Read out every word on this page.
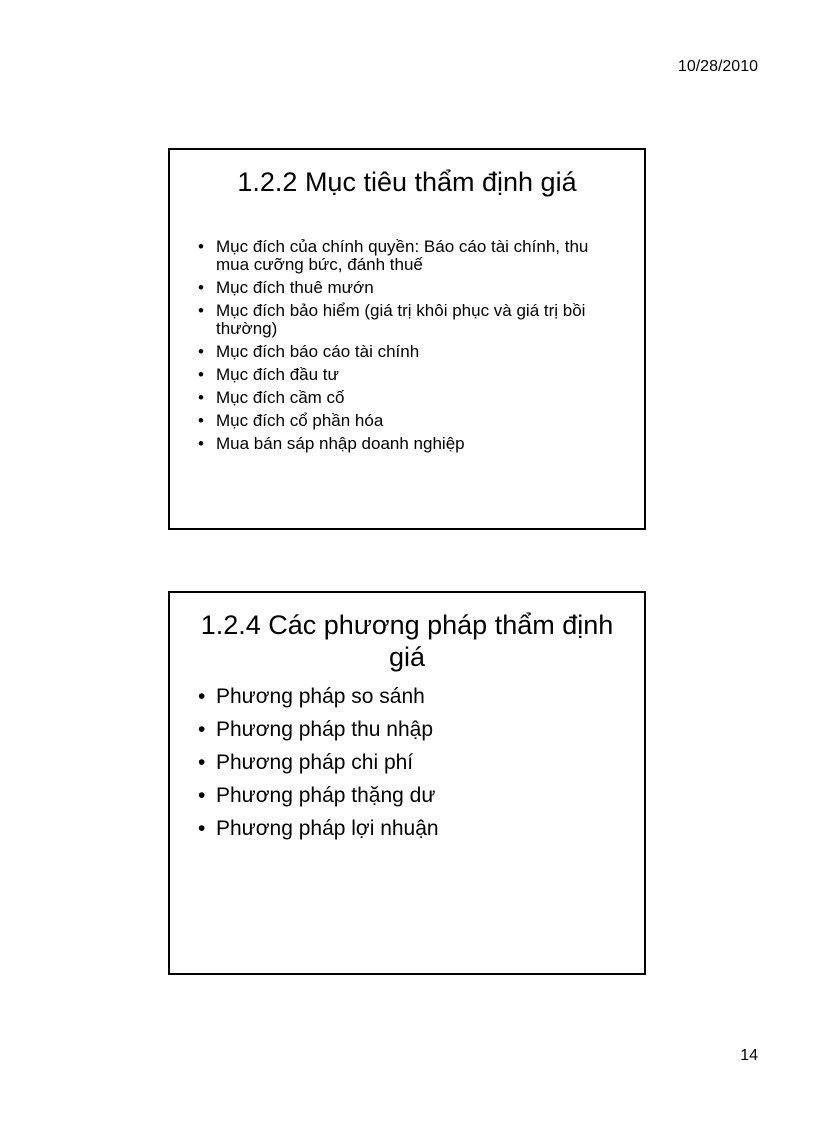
10/28/2010
1.2.2 Mục tiêu thẩm định giá
• Mục đích của chính quyền: Báo cáo tài chính, thu mua cưỡng bức, đánh thuế
• Mục đích thuê mướn
• Mục đích bảo hiểm (giá trị khôi phục và giá trị bồi thường)
• Mục đích báo cáo tài chính
• Mục đích đầu tư
• Mục đích cầm cố
• Mục đích cổ phần hóa
• Mua bán sáp nhập doanh nghiệp
1.2.4 Các phương pháp thẩm định giá
• Phương pháp so sánh
• Phương pháp thu nhập
• Phương pháp chi phí
• Phương pháp thặng dư
• Phương pháp lợi nhuận
14
